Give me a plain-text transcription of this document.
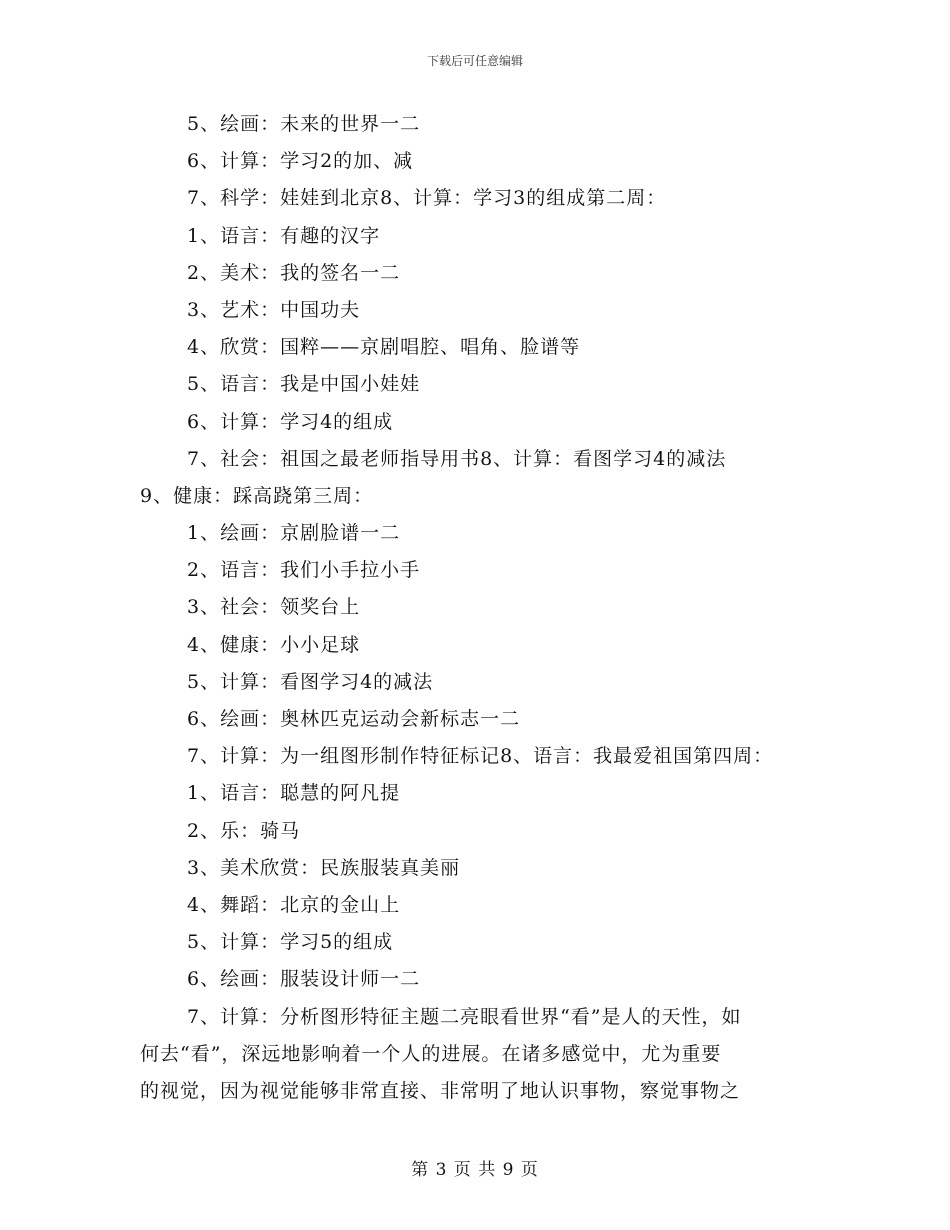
下载后可任意编辑
5、绘画：未来的世界一二
6、计算：学习2的加、减
7、科学：娃娃到北京8、计算：学习3的组成第二周：
1、语言：有趣的汉字
2、美术：我的签名一二
3、艺术：中国功夫
4、欣赏：国粹——京剧唱腔、唱角、脸谱等
5、语言：我是中国小娃娃
6、计算：学习4的组成
7、社会：祖国之最老师指导用书8、计算：看图学习4的减法
9、健康：踩高跷第三周：
1、绘画：京剧脸谱一二
2、语言：我们小手拉小手
3、社会：领奖台上
4、健康：小小足球
5、计算：看图学习4的减法
6、绘画：奥林匹克运动会新标志一二
7、计算：为一组图形制作特征标记8、语言：我最爱祖国第四周：
1、语言：聪慧的阿凡提
2、乐：骑马
3、美术欣赏：民族服装真美丽
4、舞蹈：北京的金山上
5、计算：学习5的组成
6、绘画：服装设计师一二
7、计算：分析图形特征主题二亮眼看世界“看”是人的天性，如
何去“看”，深远地影响着一个人的进展。在诸多感觉中，尤为重要
的视觉，因为视觉能够非常直接、非常明了地认识事物，察觉事物之
第 3 页 共 9 页
